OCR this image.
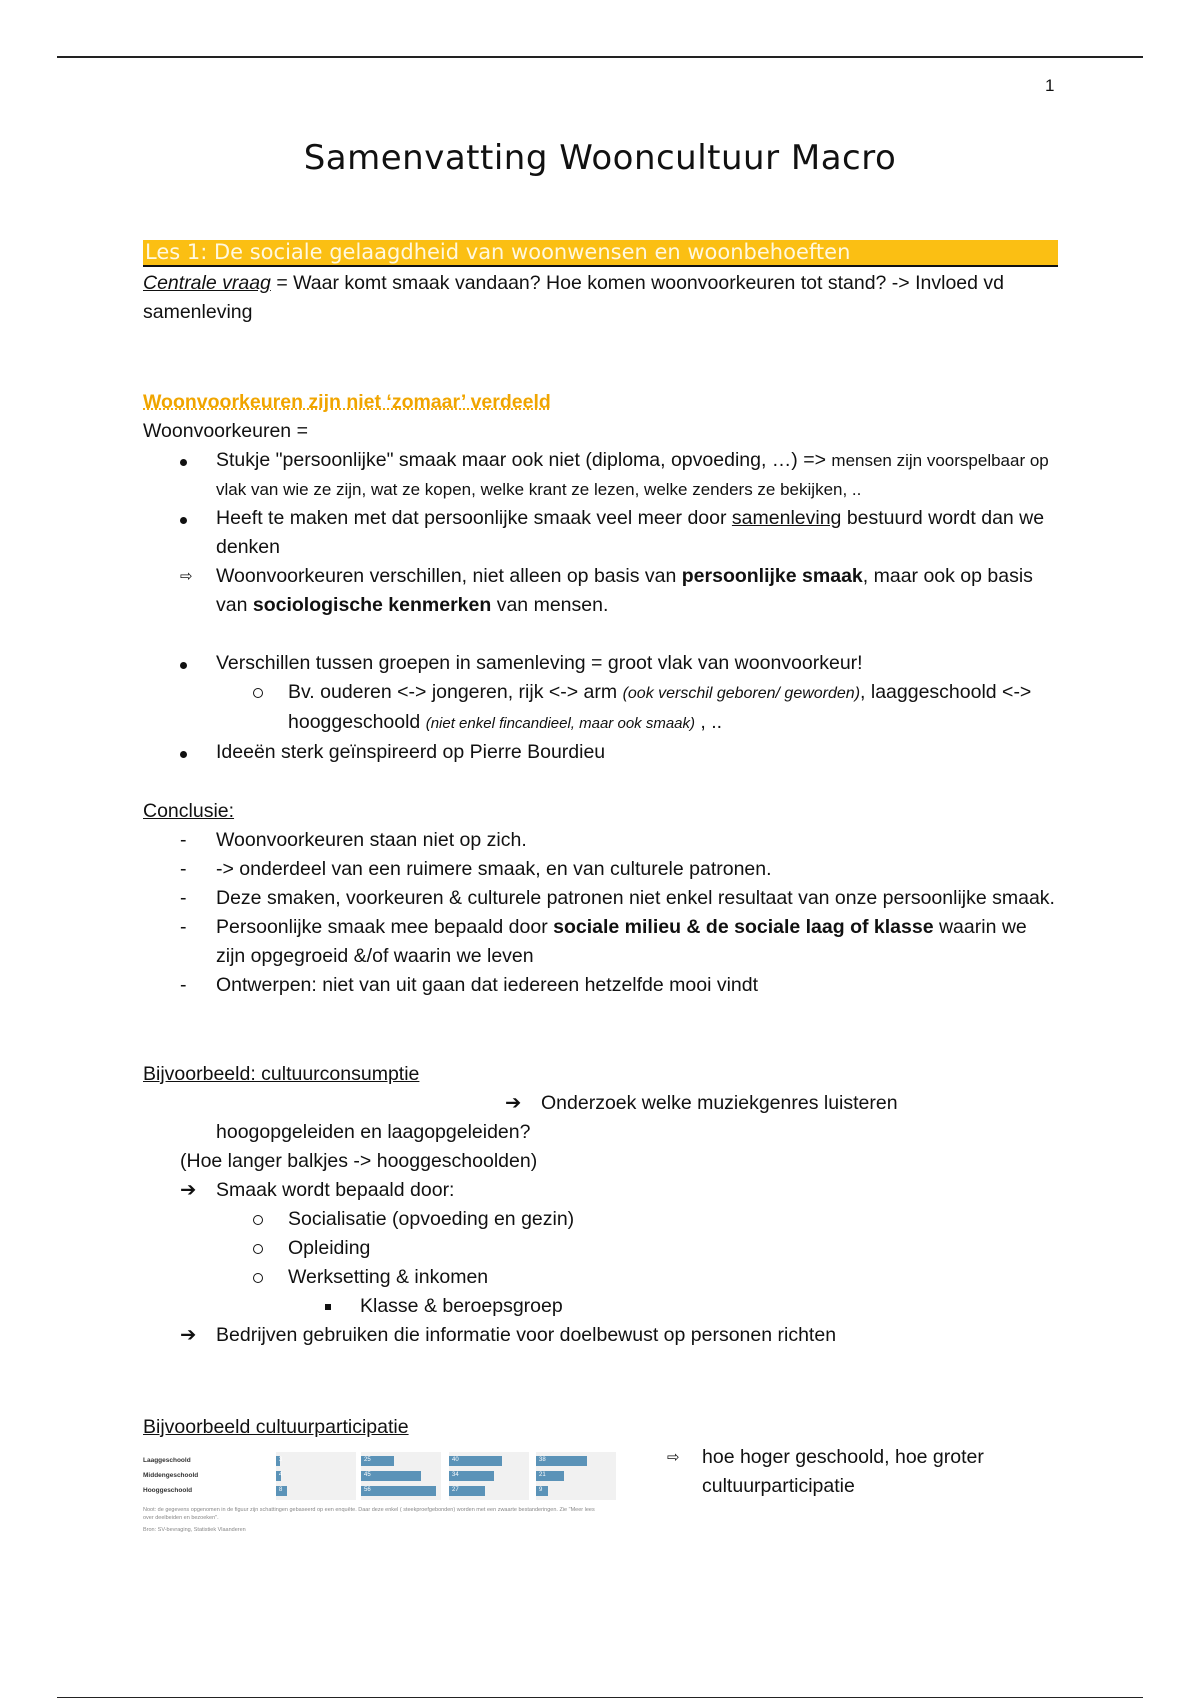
1
Samenvatting Wooncultuur Macro
Les 1: De sociale gelaagdheid van woonwensen en woonbehoeften
Centrale vraag = Waar komt smaak vandaan? Hoe komen woonvoorkeuren tot stand? -> Invloed vd samenleving
Woonvoorkeuren zijn niet ‘zomaar’ verdeeld
Woonvoorkeuren =
Stukje "persoonlijke" smaak maar ook niet (diploma, opvoeding, …) => mensen zijn voorspelbaar op vlak van wie ze zijn, wat ze kopen, welke krant ze lezen, welke zenders ze bekijken, ..
Heeft te maken met dat persoonlijke smaak veel meer door samenleving bestuurd wordt dan we denken
⇨	Woonvoorkeuren verschillen, niet alleen op basis van persoonlijke smaak, maar ook op basis van sociologische kenmerken van mensen.
Verschillen tussen groepen in samenleving = groot vlak van woonvoorkeur!
Bv. ouderen <-> jongeren, rijk <-> arm (ook verschil geboren/ geworden), laaggeschoold <-> hooggeschoold (niet enkel fincandieel, maar ook smaak) , ..
Ideeën sterk geïnspireerd op Pierre Bourdieu
Conclusie:
-	Woonvoorkeuren staan niet op zich.
-	-> onderdeel van een ruimere smaak, en van culturele patronen.
-	Deze smaken, voorkeuren & culturele patronen niet enkel resultaat van onze persoonlijke smaak.
-	Persoonlijke smaak mee bepaald door sociale milieu & de sociale laag of klasse waarin we zijn opgegroeid &/of waarin we leven
-	Ontwerpen: niet van uit gaan dat iedereen hetzelfde mooi vindt
Bijvoorbeeld: cultuurconsumptie
➔ Onderzoek welke muziekgenres luisteren
hoogopgeleiden en laagopgeleiden?
(Hoe langer balkjes -> hooggeschoolden)
➔ Smaak wordt bepaald door:
Socialisatie (opvoeding en gezin)
Opleiding
Werksetting & inkomen
Klasse & beroepsgroep
➔ Bedrijven gebruiken die informatie voor doelbewust op personen richten
Bijvoorbeeld cultuurparticipatie
Laaggeschoold	3	25	40	38
Middengeschoold	4	45	34	21
Hooggeschoold	8	56	27	9
Noot: de gegevens opgenomen in de figuur zijn schattingen gebaseerd op een enquête. Daar deze enkel ( steekproefgebonden) worden met een zwaarte bestanderingen. Zie "Meer lees over deelbeiden en bezoeken".
Bron: SV-bevraging, Statistiek Vlaanderen
⇨	hoe hoger geschoold, hoe groter cultuurparticipatie
